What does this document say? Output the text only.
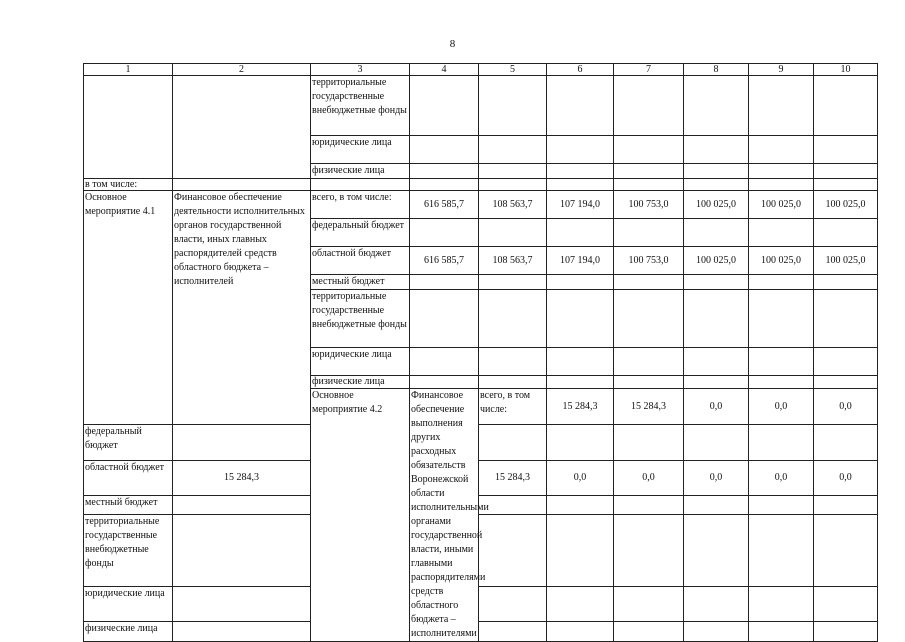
8
1	2	3	4	5	6	7	8	9	10	
		территориальные государственные внебюджетные фонды								
		юридические лица								
		физические лица								
в том числе:										
Основное мероприятие 4.1	Финансовое обеспечение деятельности исполнительных органов государственной власти, иных главных распорядителей средств областного бюджета – исполнителей	всего, в том числе:	616 585,7	108 563,7	107 194,0	100 753,0	100 025,0	100 025,0	100 025,0	
		федеральный бюджет								
		областной бюджет	616 585,7	108 563,7	107 194,0	100 753,0	100 025,0	100 025,0	100 025,0	
		местный бюджет								
		территориальные государственные внебюджетные фонды								
		юридические лица								
		физические лица								
		Основное мероприятие 4.2	Финансовое обеспечение выполнения других расходных обязательств Воронежской области исполнительными органами государственной власти, иными главными распорядителями средств областного бюджета – исполнителями	всего, в том числе:	15 284,3	15 284,3	0,0	0,0	0,0		
федеральный бюджет										
областной бюджет	15 284,3			15 284,3	0,0	0,0	0,0	0,0	0,0	
местный бюджет										
территориальные государственные внебюджетные фонды										
юридические лица										
физические лица										
